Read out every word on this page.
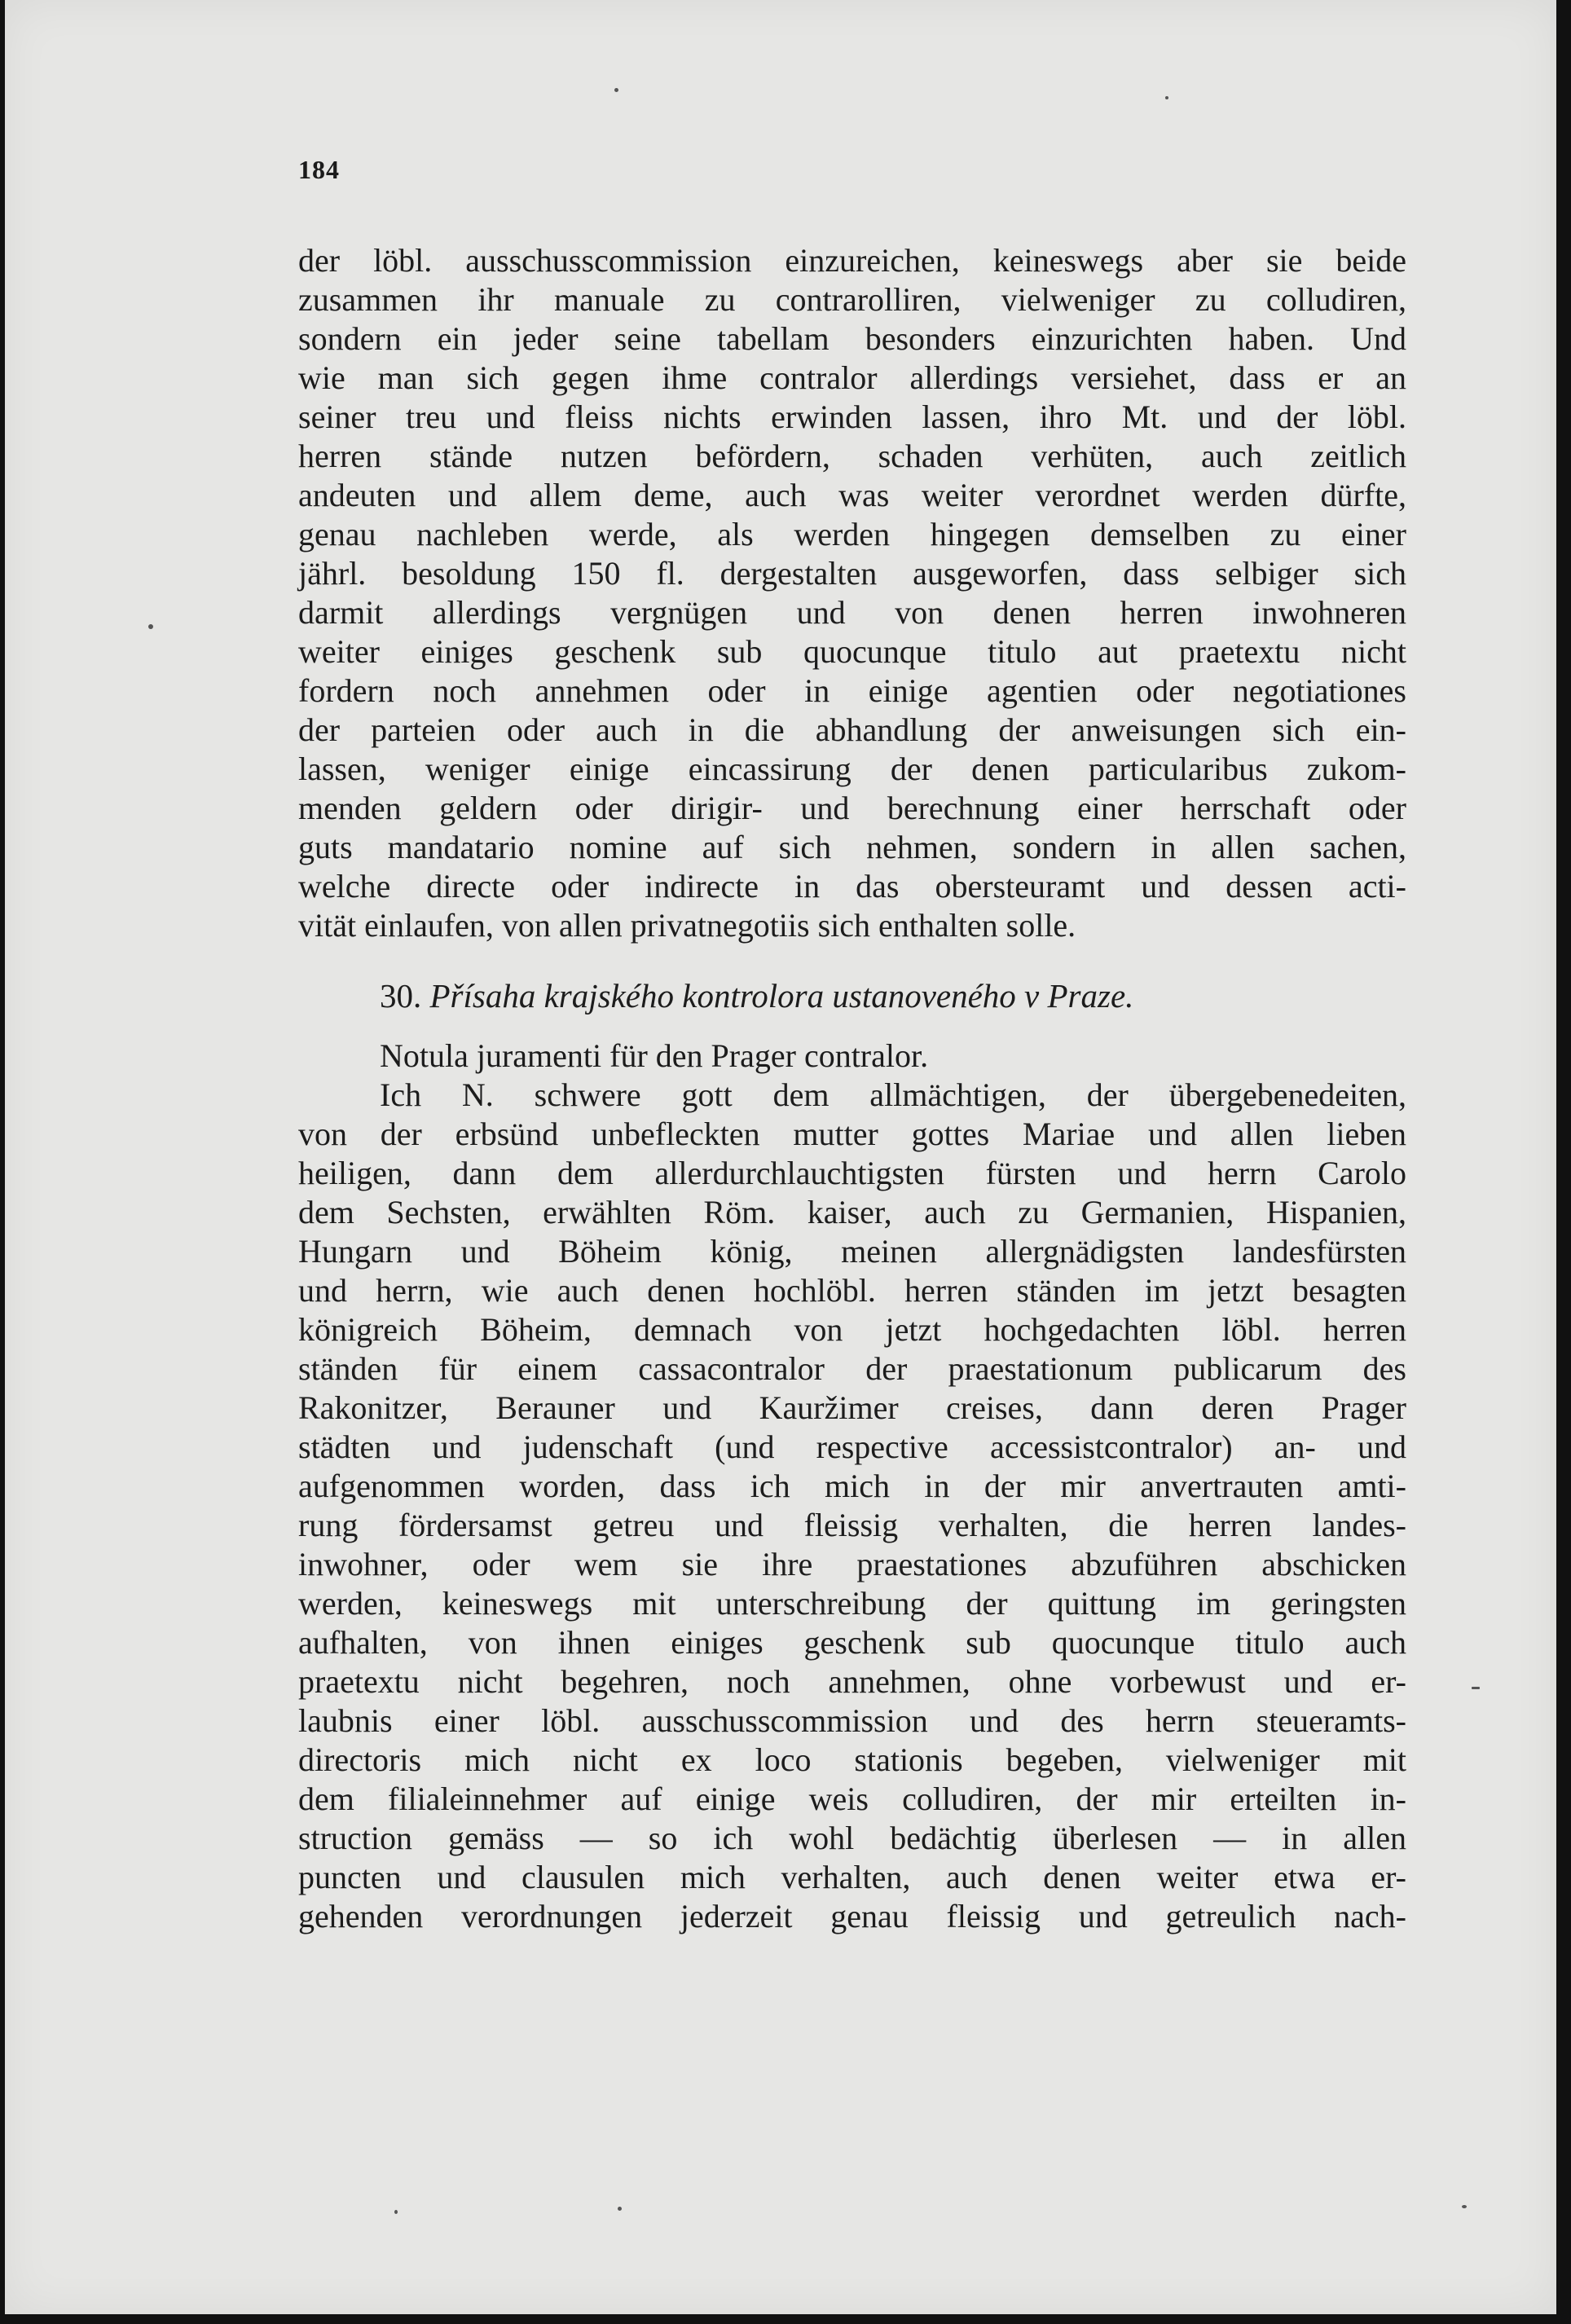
184
der löbl. ausschusscommission einzureichen, keineswegs aber sie beide
zusammen ihr manuale zu contrarolliren, vielweniger zu colludiren,
sondern ein jeder seine tabellam besonders einzurichten haben. Und
wie man sich gegen ihme contralor allerdings versiehet, dass er an
seiner treu und fleiss nichts erwinden lassen, ihro Mt. und der löbl.
herren stände nutzen befördern, schaden verhüten, auch zeitlich
andeuten und allem deme, auch was weiter verordnet werden dürfte,
genau nachleben werde, als werden hingegen demselben zu einer
jährl. besoldung 150 fl. dergestalten ausgeworfen, dass selbiger sich
darmit allerdings vergnügen und von denen herren inwohneren
weiter einiges geschenk sub quocunque titulo aut praetextu nicht
fordern noch annehmen oder in einige agentien oder negotiationes
der parteien oder auch in die abhandlung der anweisungen sich ein-
lassen, weniger einige eincassirung der denen particularibus zukom-
menden geldern oder dirigir- und berechnung einer herrschaft oder
guts mandatario nomine auf sich nehmen, sondern in allen sachen,
welche directe oder indirecte in das obersteuramt und dessen acti-
vität einlaufen, von allen privatnegotiis sich enthalten solle.
30. Přísaha krajského kontrolora ustanoveného v Praze.
Notula juramenti für den Prager contralor.
Ich N. schwere gott dem allmächtigen, der übergebenedeiten,
von der erbsünd unbefleckten mutter gottes Mariae und allen lieben
heiligen, dann dem allerdurchlauchtigsten fürsten und herrn Carolo
dem Sechsten, erwählten Röm. kaiser, auch zu Germanien, Hispanien,
Hungarn und Böheim könig, meinen allergnädigsten landesfürsten
und herrn, wie auch denen hochlöbl. herren ständen im jetzt besagten
königreich Böheim, demnach von jetzt hochgedachten löbl. herren
ständen für einem cassacontralor der praestationum publicarum des
Rakonitzer, Berauner und Kauržimer creises, dann deren Prager
städten und judenschaft (und respective accessistcontralor) an- und
aufgenommen worden, dass ich mich in der mir anvertrauten amti-
rung fördersamst getreu und fleissig verhalten, die herren landes-
inwohner, oder wem sie ihre praestationes abzuführen abschicken
werden, keineswegs mit unterschreibung der quittung im geringsten
aufhalten, von ihnen einiges geschenk sub quocunque titulo auch
praetextu nicht begehren, noch annehmen, ohne vorbewust und er-
laubnis einer löbl. ausschusscommission und des herrn steueramts-
directoris mich nicht ex loco stationis begeben, vielweniger mit
dem filialeinnehmer auf einige weis colludiren, der mir erteilten in-
struction gemäss — so ich wohl bedächtig überlesen — in allen
puncten und clausulen mich verhalten, auch denen weiter etwa er-
gehenden verordnungen jederzeit genau fleissig und getreulich nach-
